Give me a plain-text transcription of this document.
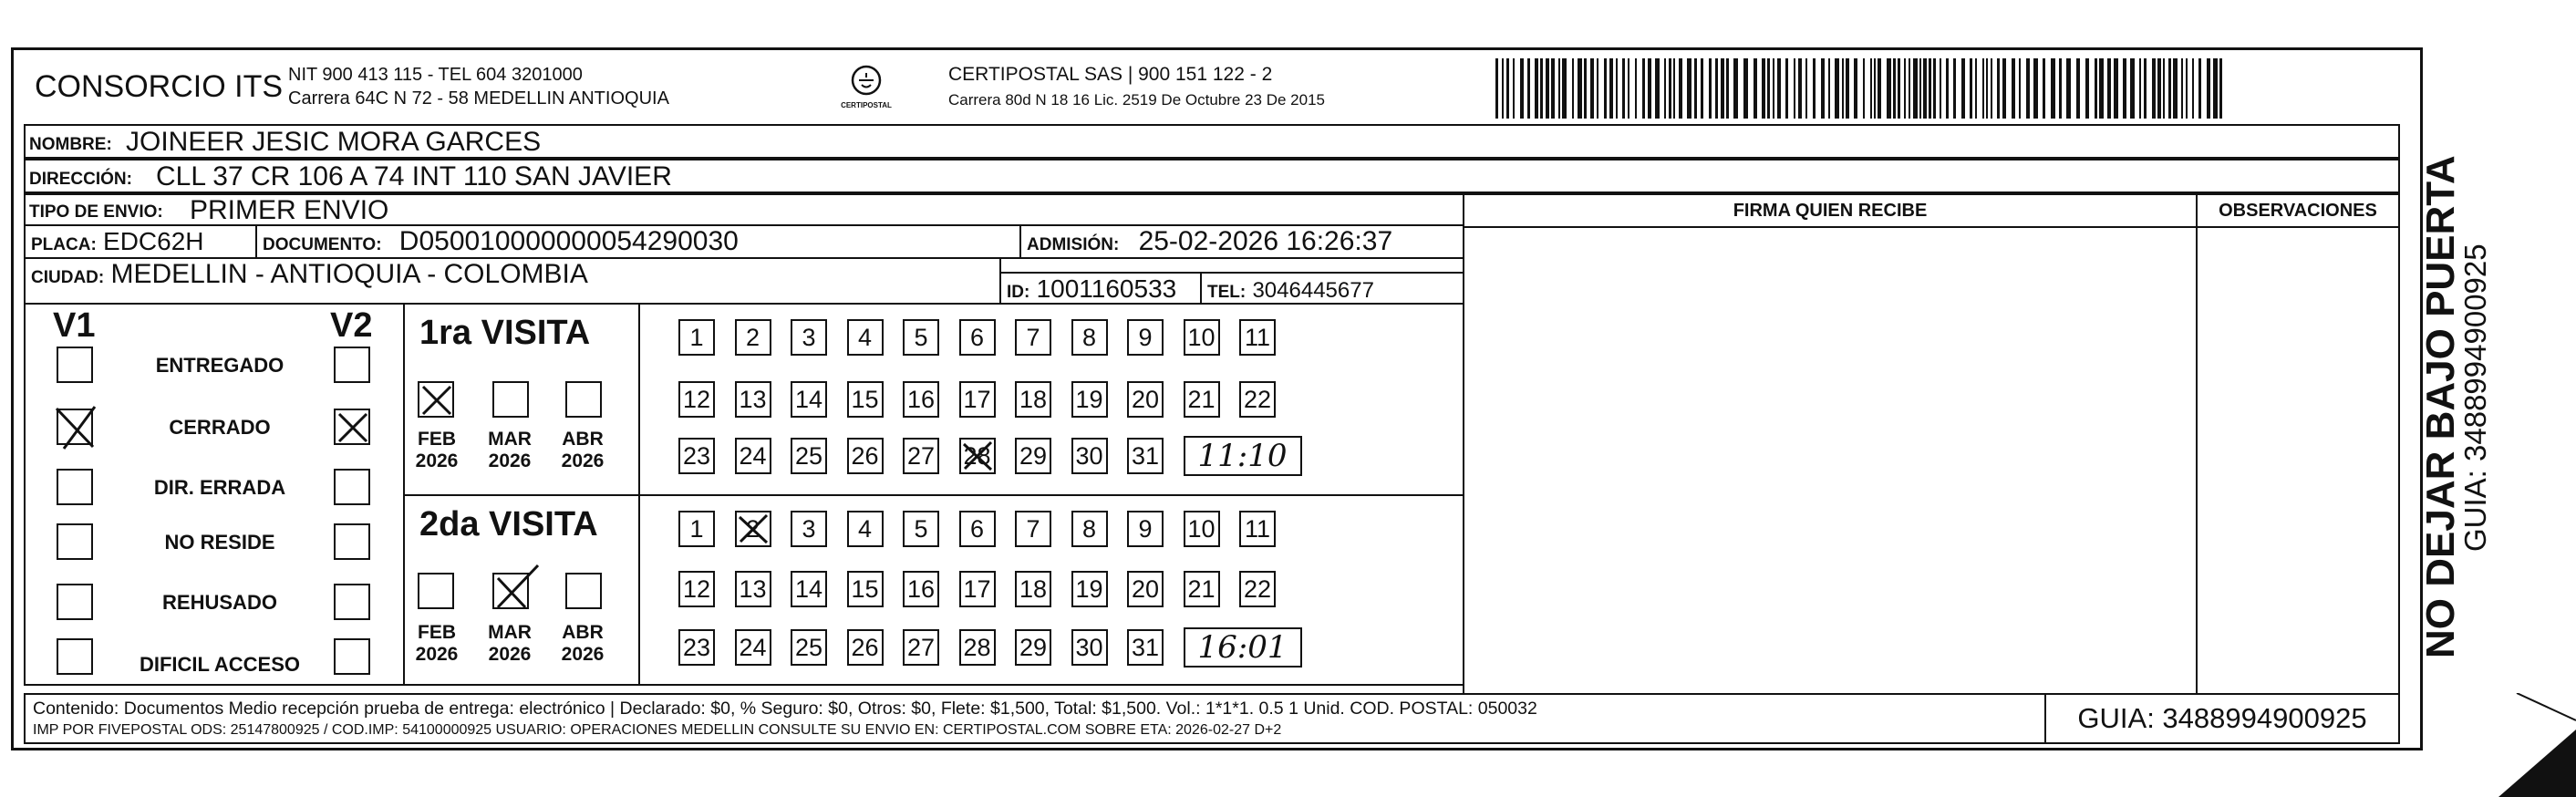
CONSORCIO ITS NIT 900 413 115 - TEL 604 3201000
Carrera 64C N 72 - 58 MEDELLIN ANTIOQUIA	CERTIPOSTAL
CERTIPOSTAL SAS | 900 151 122 - 2
Carrera 80d N 18 16 Lic. 2519 De Octubre 23 De 2015
NOMBRE: JOINEER JESIC MORA GARCES
DIRECCIÓN: CLL 37 CR 106 A 74 INT 110 SAN JAVIER
TIPO DE ENVIO: PRIMER ENVIO	FIRMA QUIEN RECIBE	OBSERVACIONES
PLACA: EDC62H	DOCUMENTO: D050010000000054290030	ADMISIÓN: 25-02-2026 16:26:37
CIUDAD: MEDELLIN - ANTIOQUIA - COLOMBIA
ID: 1001160533	TEL: 3046445677
V1	V2
ENTREGADO
CERRADO
DIR. ERRADA
NO RESIDE
REHUSADO
DIFICIL ACCESO
1ra VISITA
2da VISITA
FEB
2026
MAR
2026
ABR
2026
FEB
2026
MAR
2026
ABR
2026
1	2	3	4	5	6	7	8	9	10 11
12 13 14 15 16 17 18 19 20 21 22
23 24 25 26 27 28 29 30 31	11:10
1	2	3	4	5	6	7	8	9	10 11
12 13 14 15 16 17 18 19 20 21 22
23 24 25 26 27 28 29 30 31	16:01
Contenido: Documentos Medio recepción prueba de entrega: electrónico | Declarado: $0, % Seguro: $0, Otros: $0, Flete: $1,500, Total: $1,500. Vol.: 1*1*1. 0.5 1 Unid. COD. POSTAL: 050032
IMP POR FIVEPOSTAL ODS: 25147800925 / COD.IMP: 54100000925 USUARIO: OPERACIONES MEDELLIN CONSULTE SU ENVIO EN: CERTIPOSTAL.COM SOBRE ETA: 2026-02-27 D+2	GUIA: 3488994900925
NO DEJAR BAJO PUERTA
GUIA: 3488994900925
